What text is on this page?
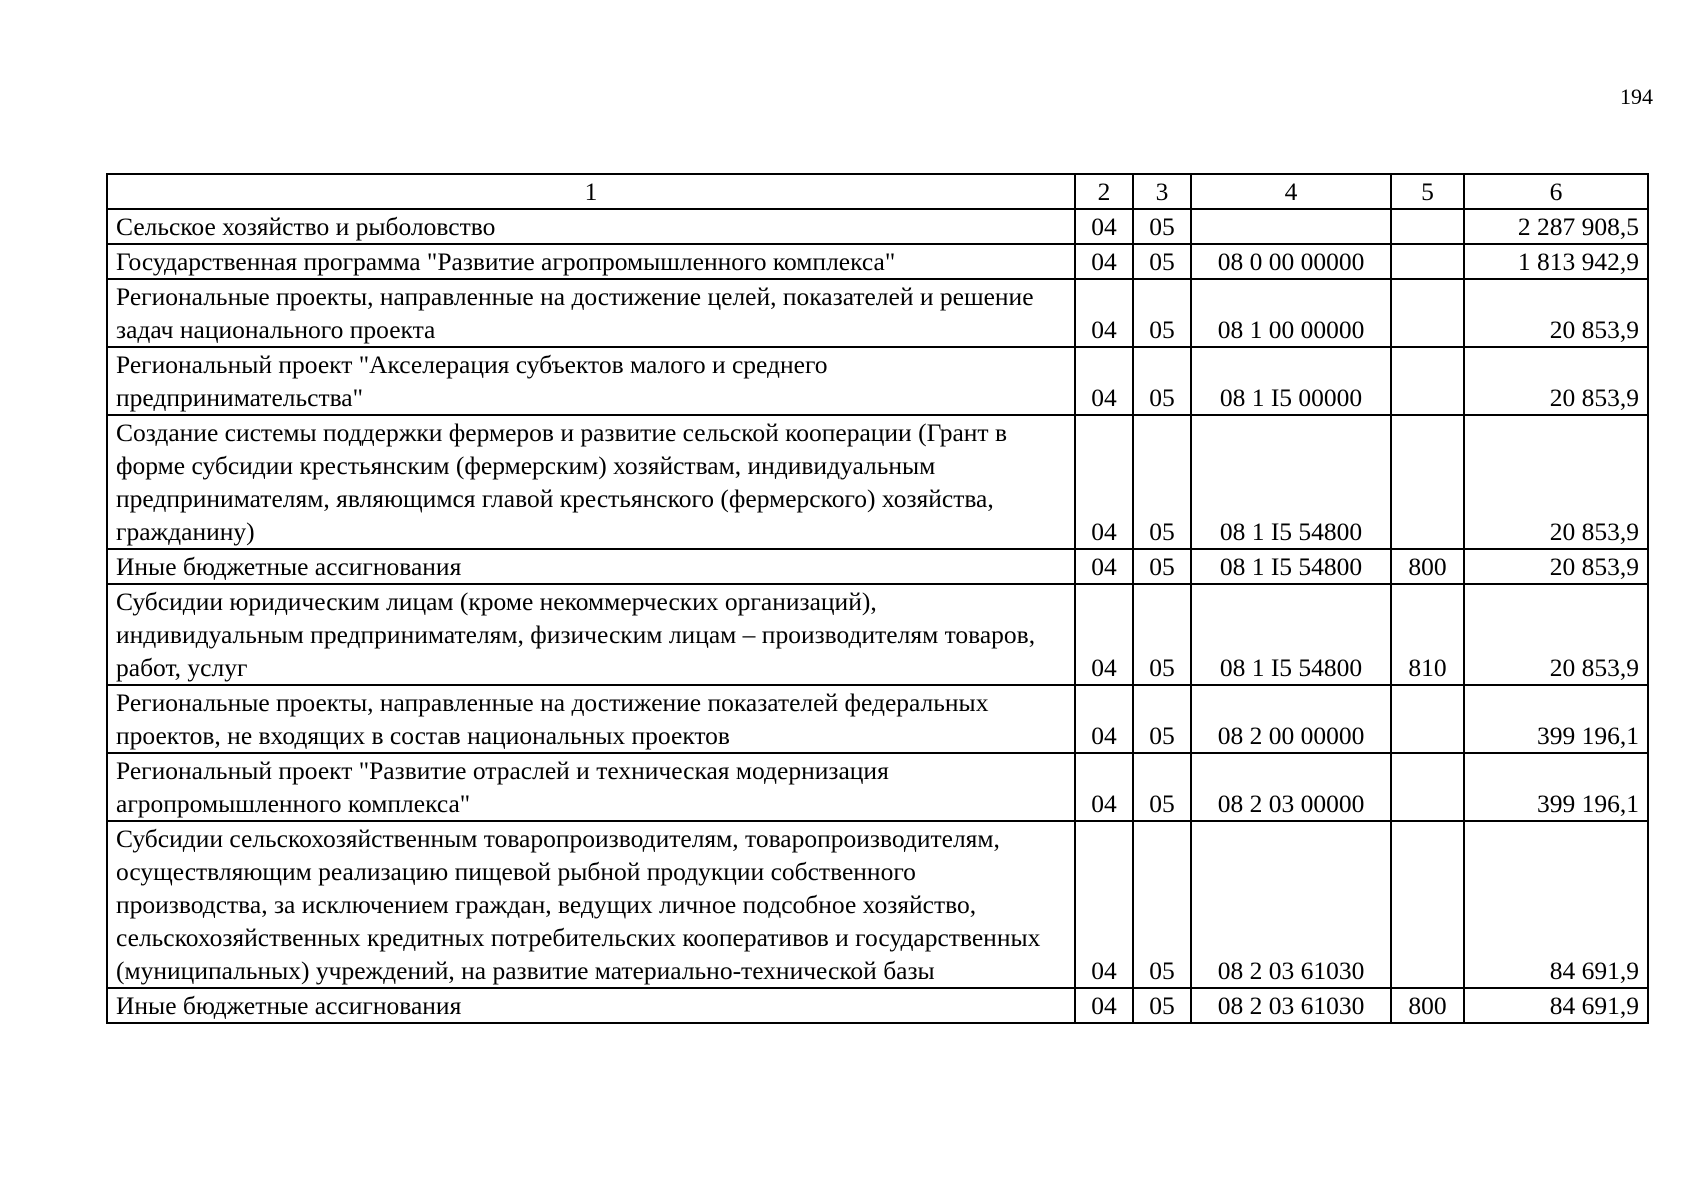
194
1	2	3	4	5	6
Сельское хозяйство и рыболовство	04	05			2 287 908,5
Государственная программа "Развитие агропромышленного комплекса"	04	05	08 0 00 00000		1 813 942,9
Региональные проекты, направленные на достижение целей, показателей и решение задач национального проекта	04	05	08 1 00 00000		20 853,9
Региональный проект "Акселерация субъектов малого и среднего предпринимательства"	04	05	08 1 I5 00000		20 853,9
Создание системы поддержки фермеров и развитие сельской кооперации (Грант в форме субсидии крестьянским (фермерским) хозяйствам, индивидуальным предпринимателям, являющимся главой крестьянского (фермерского) хозяйства, гражданину)	04	05	08 1 I5 54800		20 853,9
Иные бюджетные ассигнования	04	05	08 1 I5 54800	800	20 853,9
Субсидии юридическим лицам (кроме некоммерческих организаций), индивидуальным предпринимателям, физическим лицам – производителям товаров, работ, услуг	04	05	08 1 I5 54800	810	20 853,9
Региональные проекты, направленные на достижение показателей федеральных проектов, не входящих в состав национальных проектов	04	05	08 2 00 00000		399 196,1
Региональный проект "Развитие отраслей и техническая модернизация агропромышленного комплекса"	04	05	08 2 03 00000		399 196,1
Субсидии сельскохозяйственным товаропроизводителям, товаропроизводителям, осуществляющим реализацию пищевой рыбной продукции собственного производства, за исключением граждан, ведущих личное подсобное хозяйство, сельскохозяйственных кредитных потребительских кооперативов и государственных (муниципальных) учреждений, на развитие материально-технической базы	04	05	08 2 03 61030		84 691,9
Иные бюджетные ассигнования	04	05	08 2 03 61030	800	84 691,9
